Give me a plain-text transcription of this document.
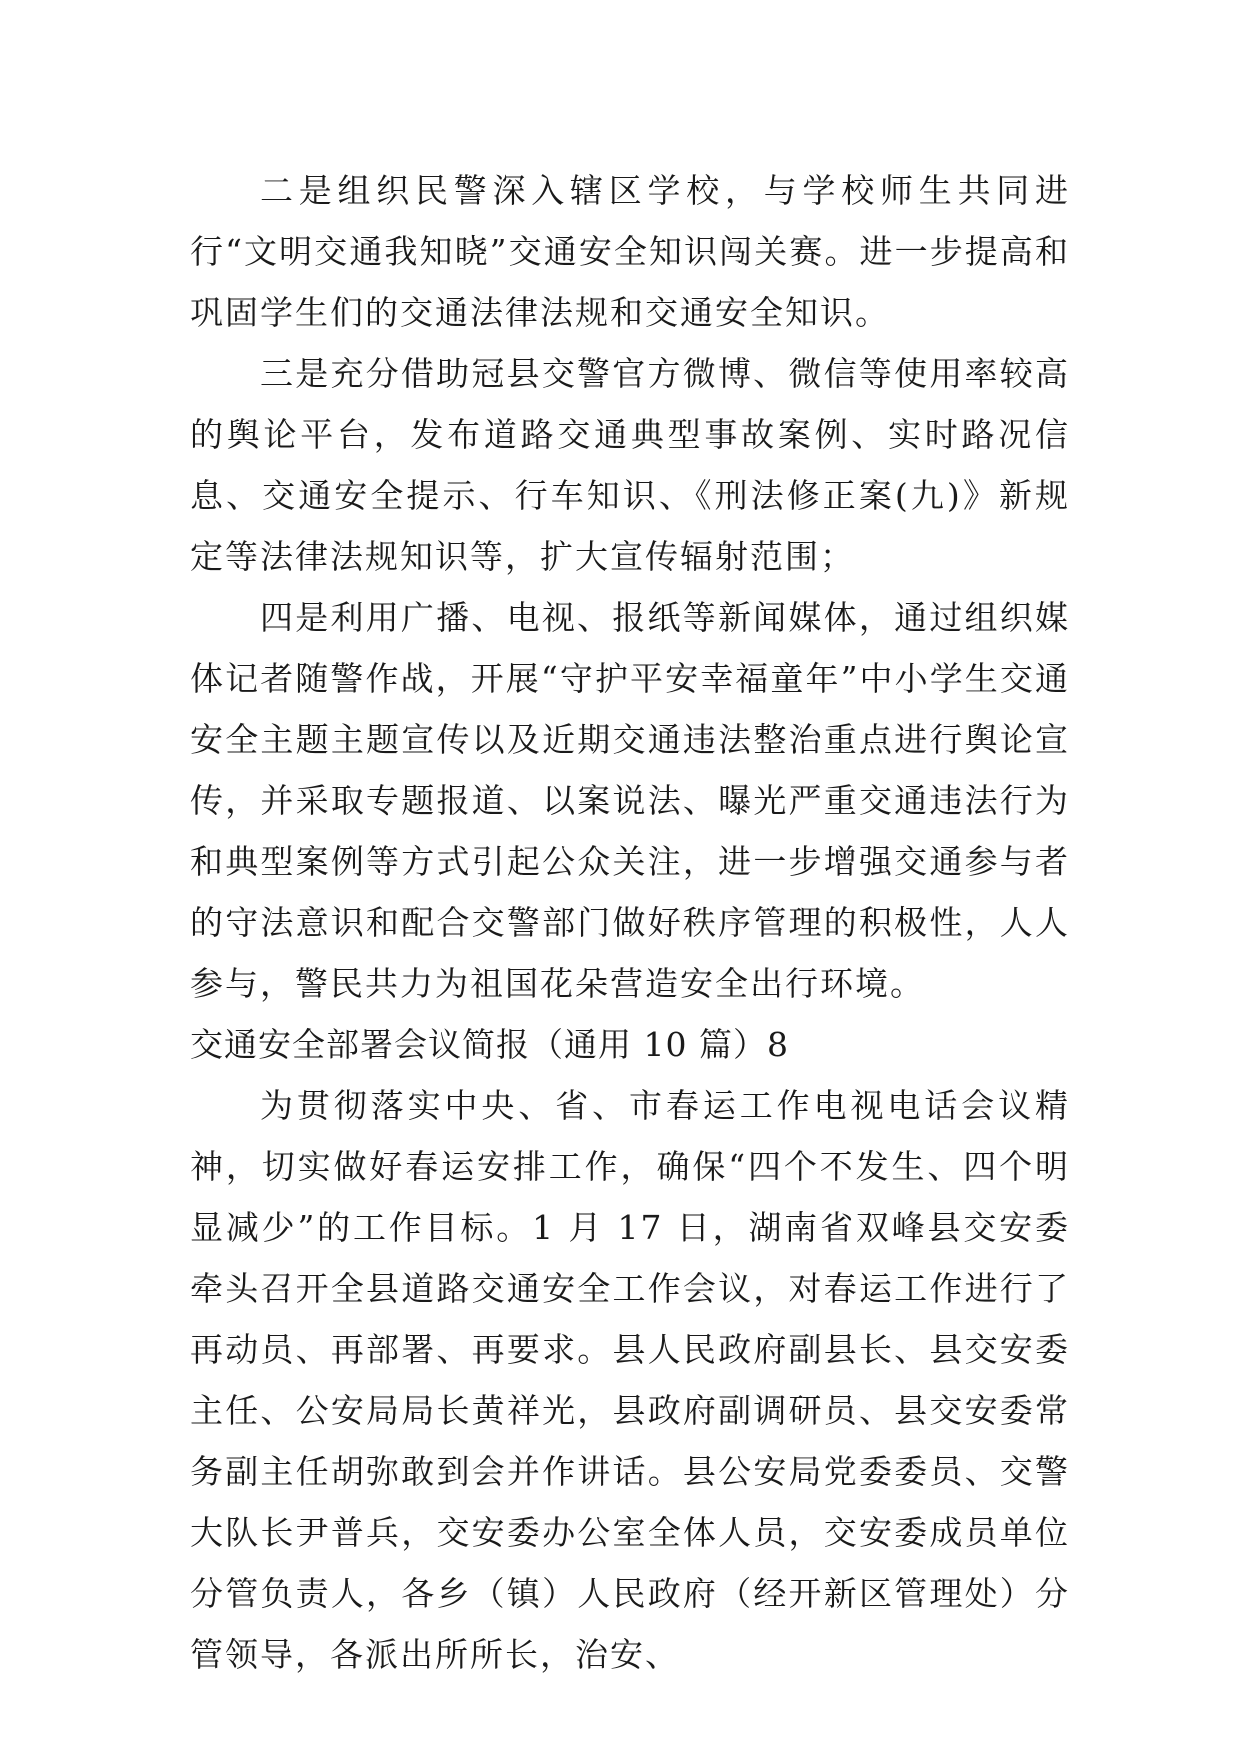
二是组织民警深入辖区学校，与学校师生共同进行“文明交通我知晓”交通安全知识闯关赛。进一步提高和巩固学生们的交通法律法规和交通安全知识。

三是充分借助冠县交警官方微博、微信等使用率较高的舆论平台，发布道路交通典型事故案例、实时路况信息、交通安全提示、行车知识、《刑法修正案(九)》新规定等法律法规知识等，扩大宣传辐射范围；

四是利用广播、电视、报纸等新闻媒体，通过组织媒体记者随警作战，开展“守护平安幸福童年”中小学生交通安全主题主题宣传以及近期交通违法整治重点进行舆论宣传，并采取专题报道、以案说法、曝光严重交通违法行为和典型案例等方式引起公众关注，进一步增强交通参与者的守法意识和配合交警部门做好秩序管理的积极性，人人参与，警民共力为祖国花朵营造安全出行环境。

交通安全部署会议简报（通用 10 篇）8

为贯彻落实中央、省、市春运工作电视电话会议精神，切实做好春运安排工作，确保“四个不发生、四个明显减少”的工作目标。1 月 17 日，湖南省双峰县交安委牵头召开全县道路交通安全工作会议，对春运工作进行了再动员、再部署、再要求。县人民政府副县长、县交安委主任、公安局局长黄祥光，县政府副调研员、县交安委常务副主任胡弥敢到会并作讲话。县公安局党委委员、交警大队长尹普兵，交安委办公室全体人员，交安委成员单位分管负责人，各乡（镇）人民政府（经开新区管理处）分管领导，各派出所所长，治安、
